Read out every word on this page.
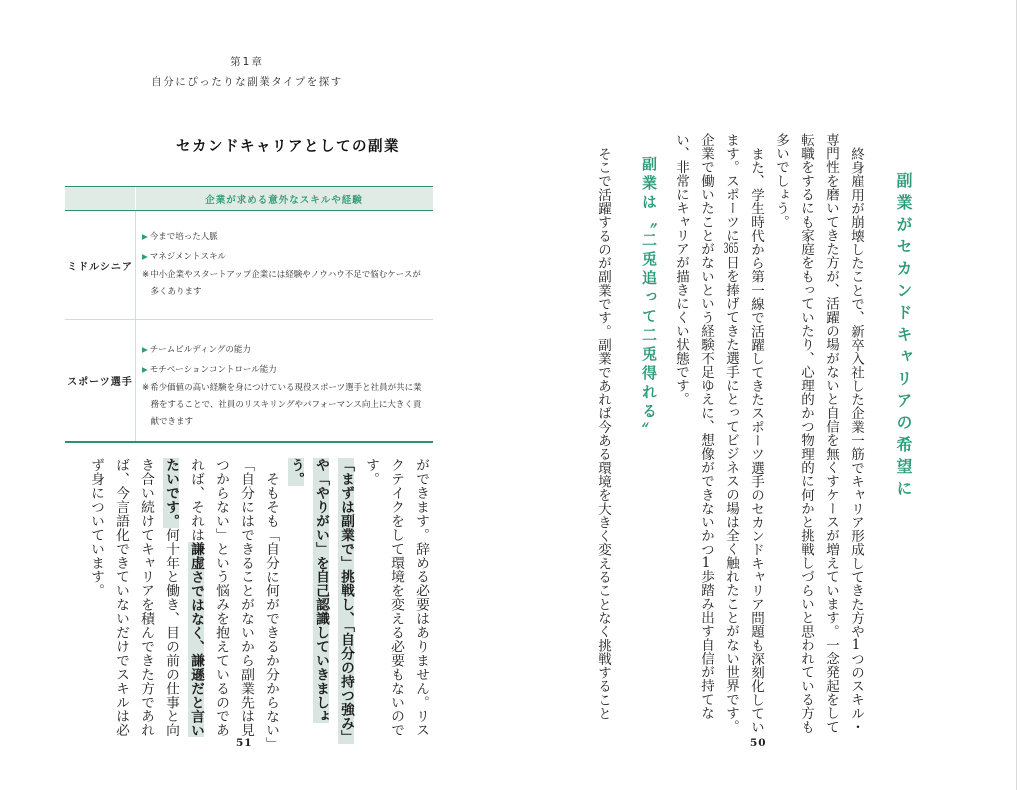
副業がセカンドキャリアの希望に

終身雇用が崩壊したことで、新卒入社した企業一筋でキャリア形成してきた方や1つのスキル・専門性を磨いてきた方が、活躍の場がないと自信を無くすケースが増えています。一念発起をして転職をするにも家庭をもっていたり、心理的かつ物理的に何かと挑戦しづらいと思われている方も多いでしょう。

また、学生時代から第一線で活躍してきたスポーツ選手のセカンドキャリア問題も深刻化しています。スポーツに365日を捧げてきた選手にとってビジネスの場は全く触れたことがない世界です。企業で働いたことがないという経験不足ゆえに、想像ができないかつ1歩踏み出す自信が持てない、非常にキャリアが描きにくい状態です。

副業は〝二兎追って二兎得れる〟

そこで活躍するのが副業です。副業であれば今ある環境を大きく変えることなく挑戦すること

50
第1章
自分にぴったりな副業タイプを探す
セカンドキャリアとしての副業
企業が求める意外なスキルや経験
ミドルシニア
▶ 今まで培った人脈
▶ マネジメントスキル
※中小企業やスタートアップ企業には経験やノウハウ不足で悩むケースが多くあります
スポーツ選手
▶ チームビルディングの能力
▶ モチベーションコントロール能力
※希少価値の高い経験を身につけている現役スポーツ選手と社員が共に業務をすることで、社員のリスキリングやパフォーマンス向上に大きく貢献できます

ができます。辞める必要はありません。リスクテイクをして環境を変える必要もないのです。

「まずは副業で」挑戦し、「自分の持つ強み」や「やりがい」を自己認識していきましょう。

そもそも「自分に何ができるか分からない」「自分にはできることがないから副業先は見つからない」という悩みを抱えているのであれば、それは謙虚さではなく、謙遜だと言いたいです。何十年と働き、目の前の仕事と向き合い続けてキャリアを積んできた方であれば、今言語化できていないだけでスキルは必ず身についています。

51
